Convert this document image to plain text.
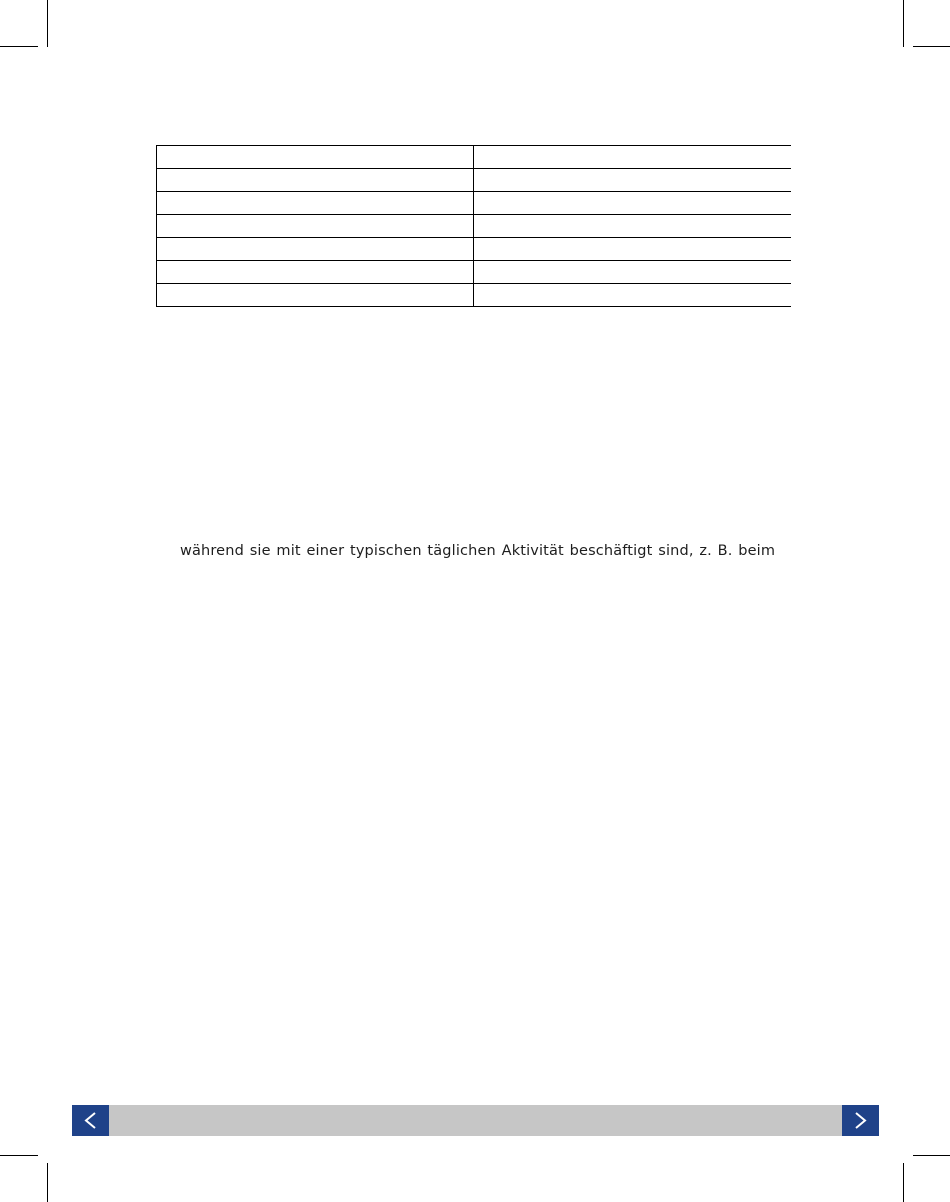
während sie mit einer typischen täglichen Aktivität beschäftigt sind, z. B. beim
